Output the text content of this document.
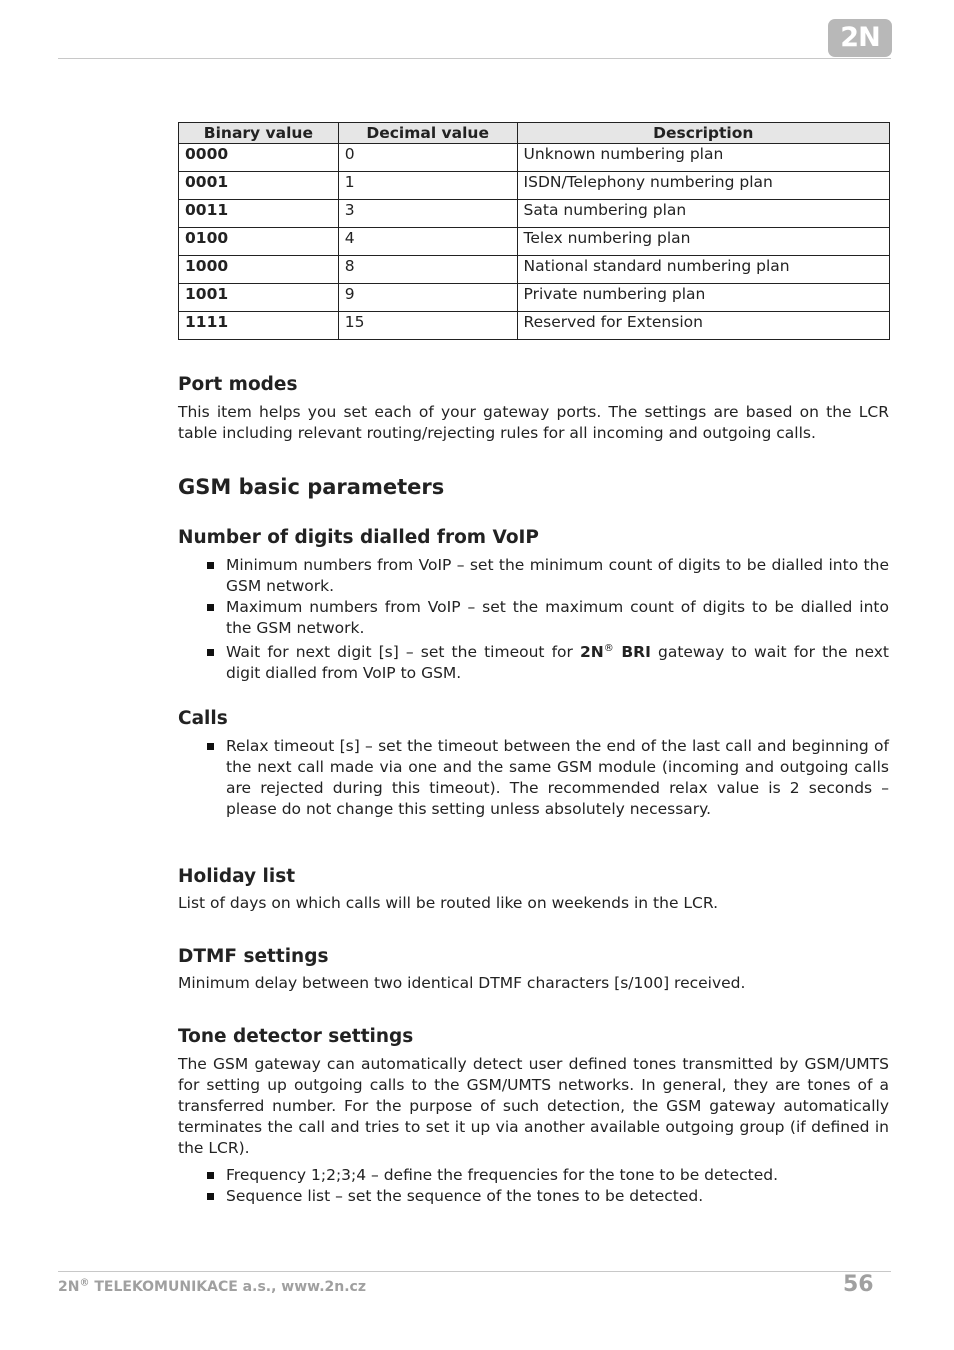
2N
Binary value	Decimal value	Description
0000	0	Unknown numbering plan
0001	1	ISDN/Telephony numbering plan
0011	3	Sata numbering plan
0100	4	Telex numbering plan
1000	8	National standard numbering plan
1001	9	Private numbering plan
1111	15	Reserved for Extension
Port modes

This item helps you set each of your gateway ports. The settings are based on the LCR table including relevant routing/rejecting rules for all incoming and outgoing calls.

GSM basic parameters
Number of digits dialled from VoIP
Minimum numbers from VoIP – set the minimum count of digits to be dialled into the GSM network.
Maximum numbers from VoIP – set the maximum count of digits to be dialled into the GSM network.
Wait for next digit [s] – set the timeout for 2N® BRI gateway to wait for the next digit dialled from VoIP to GSM.
Calls
Relax timeout [s] – set the timeout between the end of the last call and beginning of the next call made via one and the same GSM module (incoming and outgoing calls are rejected during this timeout). The recommended relax value is 2 seconds – please do not change this setting unless absolutely necessary.
Holiday list

List of days on which calls will be routed like on weekends in the LCR.

DTMF settings

Minimum delay between two identical DTMF characters [s/100] received.

Tone detector settings

The GSM gateway can automatically detect user defined tones transmitted by GSM/UMTS for setting up outgoing calls to the GSM/UMTS networks. In general, they are tones of a transferred number. For the purpose of such detection, the GSM gateway automatically terminates the call and tries to set it up via another available outgoing group (if defined in the LCR).

Frequency 1;2;3;4 – define the frequencies for the tone to be detected.
Sequence list – set the sequence of the tones to be detected.
2N® TELEKOMUNIKACE a.s., www.2n.cz	56
